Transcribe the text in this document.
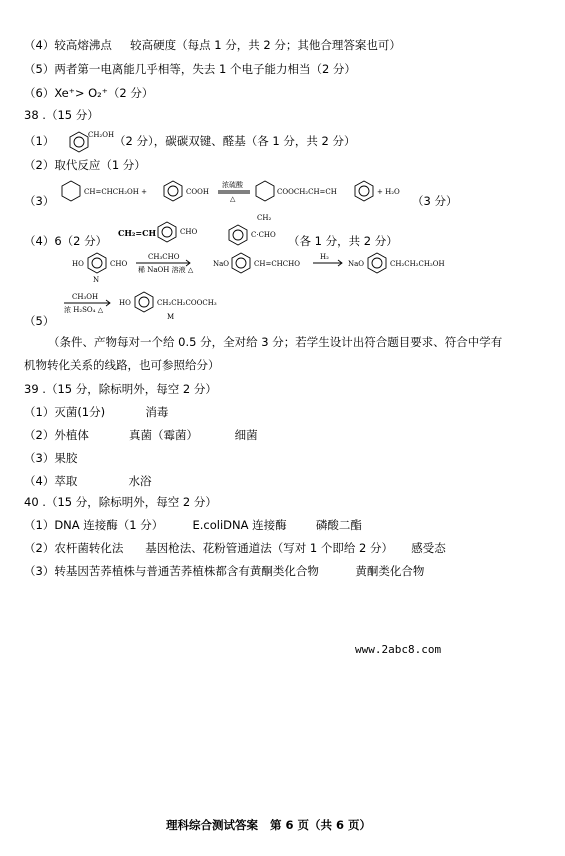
（4）较高熔沸点     较高硬度（每点 1 分，共 2 分；其他合理答案也可）
（5）两者第一电离能几乎相等，失去 1 个电子能力相当（2 分）
（6）Xe⁺> O₂⁺（2 分）
38 .（15 分）
（1）	CH₂OH （2 分），碳碳双键、醛基（各 1 分，共 2 分）
（2）取代反应（1 分）
（3）	（3 分）
（4）6（2 分）	（各 1 分，共 2 分）
（5）
（条件、产物每对一个给 0.5 分，全对给 3 分；若学生设计出符合题目要求、符合中学有
机物转化关系的线路，也可参照给分）
39 .（15 分，除标明外，每空 2 分）
（1）灭菌(1分)           消毒
（2）外植体           真菌（霉菌）          细菌
（3）果胶
（4）萃取              水浴
40 .（15 分，除标明外，每空 2 分）
（1）DNA 连接酶（1 分）        E.coliDNA 连接酶        磷酸二酯
（2）农杆菌转化法      基因枪法、花粉管通道法（写对 1 个即给 2 分）     感受态
（3）转基因苦荞植株与普通苦荞植株都含有黄酮类化合物          黄酮类化合物
CH=CHCH₂OH +	COOH
浓硫酸
△
COOCH₂CH=CH	+ H₂O
CH₂=CH	CHO
CH₂
C·CHO
HO	CHO
N
CH₃CHO
稀 NaOH 溶液 △
NaO	CH=CHCHO
H₂
NaO	CH₂CH₂CH₂OH
CH₃OH
浓 H₂SO₄ △
HO	CH₂CH₂COOCH₃
M
www.2abc8.com
理科综合测试答案   第 6 页（共 6 页）
